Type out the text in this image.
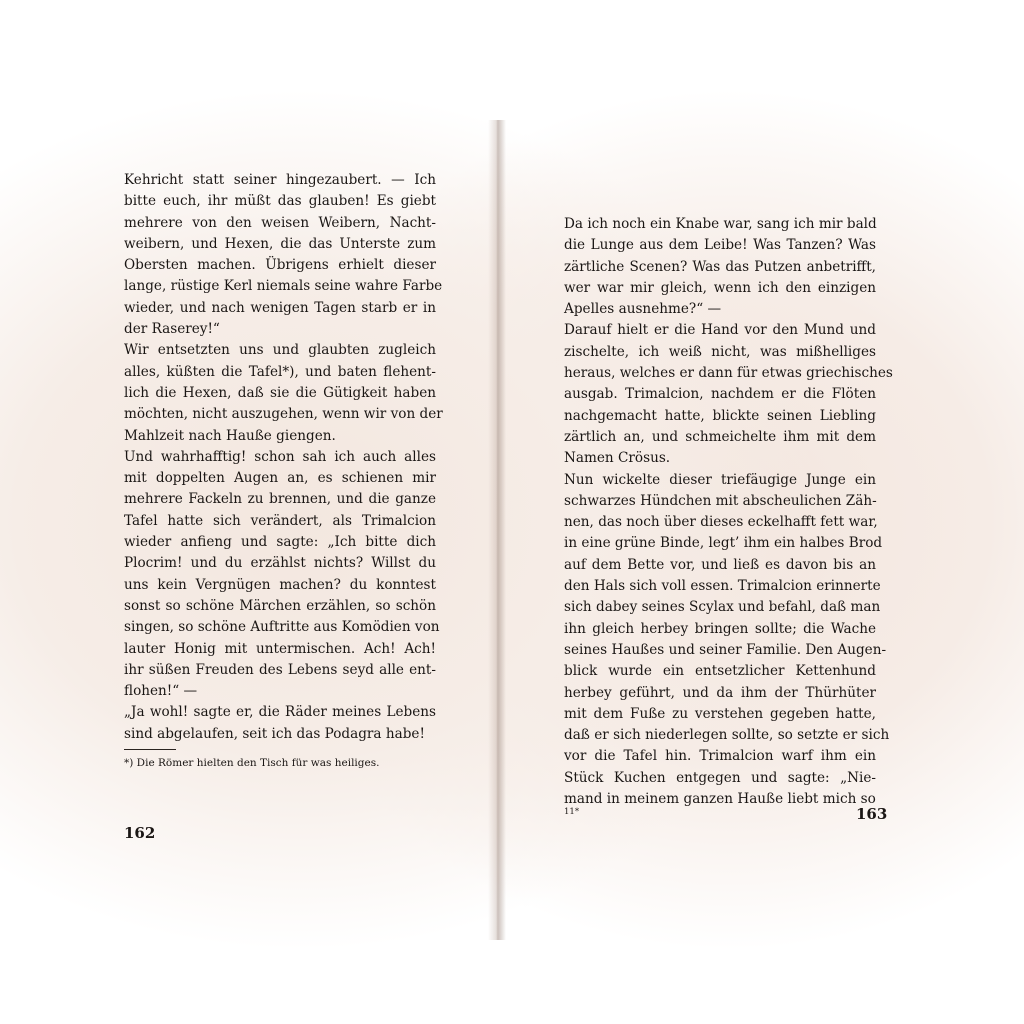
Kehricht statt seiner hingezaubert. — Ich
bitte euch, ihr müßt das glauben! Es giebt
mehrere von den weisen Weibern, Nacht-
weibern, und Hexen, die das Unterste zum
Obersten machen. Übrigens erhielt dieser
lange, rüstige Kerl niemals seine wahre Farbe
wieder, und nach wenigen Tagen starb er in
der Raserey!“
Wir entsetzten uns und glaubten zugleich
alles, küßten die Tafel*), und baten flehent-
lich die Hexen, daß sie die Gütigkeit haben
möchten, nicht auszugehen, wenn wir von der
Mahlzeit nach Hauße giengen.
Und wahrhafftig! schon sah ich auch alles
mit doppelten Augen an, es schienen mir
mehrere Fackeln zu brennen, und die ganze
Tafel hatte sich verändert, als Trimalcion
wieder anfieng und sagte: „Ich bitte dich
Plocrim! und du erzählst nichts? Willst du
uns kein Vergnügen machen? du konntest
sonst so schöne Märchen erzählen, so schön
singen, so schöne Auftritte aus Komödien von
lauter Honig mit untermischen. Ach! Ach!
ihr süßen Freuden des Lebens seyd alle ent-
flohen!“ —
„Ja wohl! sagte er, die Räder meines Lebens
sind abgelaufen, seit ich das Podagra habe!
*) Die Römer hielten den Tisch für was heiliges.
Da ich noch ein Knabe war, sang ich mir bald
die Lunge aus dem Leibe! Was Tanzen? Was
zärtliche Scenen? Was das Putzen anbetrifft,
wer war mir gleich, wenn ich den einzigen
Apelles ausnehme?“ —
Darauf hielt er die Hand vor den Mund und
zischelte, ich weiß nicht, was mißhelliges
heraus, welches er dann für etwas griechisches
ausgab. Trimalcion, nachdem er die Flöten
nachgemacht hatte, blickte seinen Liebling
zärtlich an, und schmeichelte ihm mit dem
Namen Crösus.
Nun wickelte dieser triefäugige Junge ein
schwarzes Hündchen mit abscheulichen Zäh-
nen, das noch über dieses eckelhafft fett war,
in eine grüne Binde, legt’ ihm ein halbes Brod
auf dem Bette vor, und ließ es davon bis an
den Hals sich voll essen. Trimalcion erinnerte
sich dabey seines Scylax und befahl, daß man
ihn gleich herbey bringen sollte; die Wache
seines Haußes und seiner Familie. Den Augen-
blick wurde ein entsetzlicher Kettenhund
herbey geführt, und da ihm der Thürhüter
mit dem Fuße zu verstehen gegeben hatte,
daß er sich niederlegen sollte, so setzte er sich
vor die Tafel hin. Trimalcion warf ihm ein
Stück Kuchen entgegen und sagte: „Nie-
mand in meinem ganzen Hauße liebt mich so
162
11*	163
